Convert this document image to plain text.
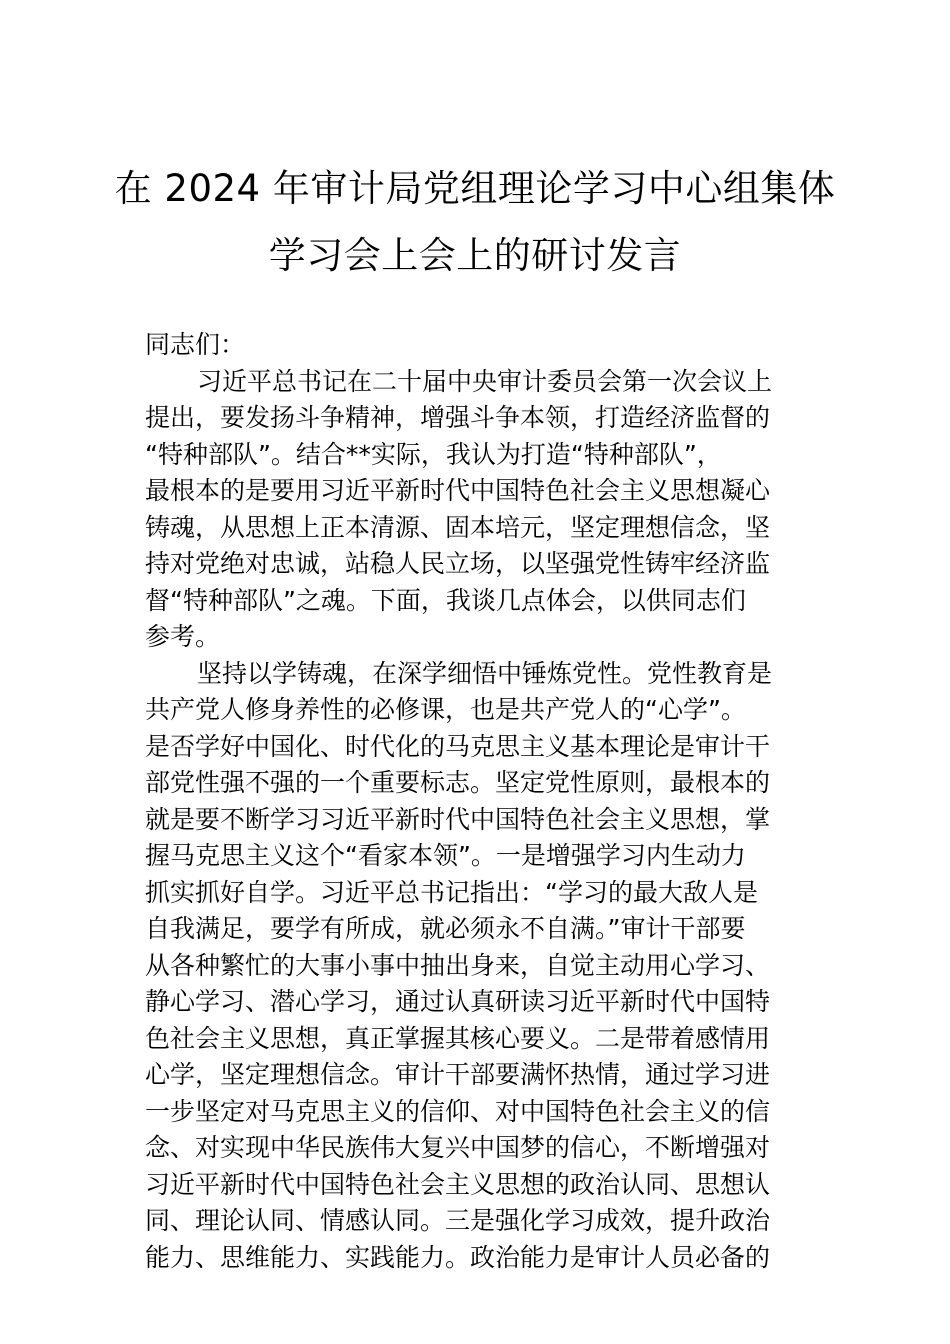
在 2024 年审计局党组理论学习中心组集体
学习会上会上的研讨发言
同志们：
习近平总书记在二十届中央审计委员会第一次会议上
提出，要发扬斗争精神，增强斗争本领，打造经济监督的
“特种部队”。结合**实际，我认为打造“特种部队”，
最根本的是要用习近平新时代中国特色社会主义思想凝心
铸魂，从思想上正本清源、固本培元，坚定理想信念，坚
持对党绝对忠诚，站稳人民立场，以坚强党性铸牢经济监
督“特种部队”之魂。下面，我谈几点体会，以供同志们
参考。
坚持以学铸魂，在深学细悟中锤炼党性。党性教育是
共产党人修身养性的必修课，也是共产党人的“心学”。
是否学好中国化、时代化的马克思主义基本理论是审计干
部党性强不强的一个重要标志。坚定党性原则，最根本的
就是要不断学习习近平新时代中国特色社会主义思想，掌
握马克思主义这个“看家本领”。一是增强学习内生动力
抓实抓好自学。习近平总书记指出：“学习的最大敌人是
自我满足，要学有所成，就必须永不自满。”审计干部要
从各种繁忙的大事小事中抽出身来，自觉主动用心学习、
静心学习、潜心学习，通过认真研读习近平新时代中国特
色社会主义思想，真正掌握其核心要义。二是带着感情用
心学，坚定理想信念。审计干部要满怀热情，通过学习进
一步坚定对马克思主义的信仰、对中国特色社会主义的信
念、对实现中华民族伟大复兴中国梦的信心，不断增强对
习近平新时代中国特色社会主义思想的政治认同、思想认
同、理论认同、情感认同。三是强化学习成效，提升政治
能力、思维能力、实践能力。政治能力是审计人员必备的
